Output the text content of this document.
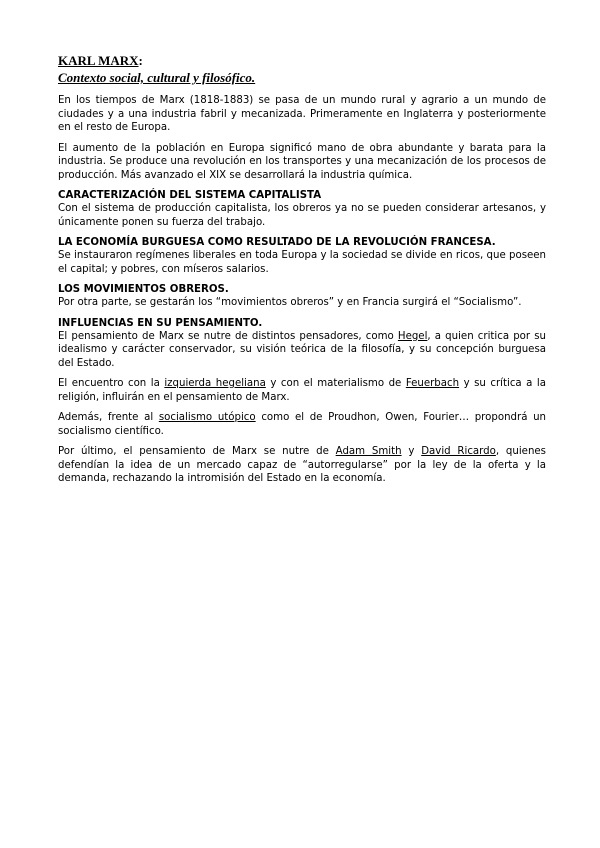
KARL MARX:
Contexto social, cultural y filosófico.

En los tiempos de Marx (1818-1883) se pasa de un mundo rural y agrario a un mundo de ciudades y a una industria fabril y mecanizada. Primeramente en Inglaterra y posteriormente en el resto de Europa.

El aumento de la población en Europa significó mano de obra abundante y barata para la industria. Se produce una revolución en los transportes y una mecanización de los procesos de producción. Más avanzado el XIX se desarrollará la industria química.

CARACTERIZACIÓN DEL SISTEMA CAPITALISTA

Con el sistema de producción capitalista, los obreros ya no se pueden considerar artesanos, y únicamente ponen su fuerza del trabajo.

LA ECONOMÍA BURGUESA COMO RESULTADO DE LA REVOLUCIÓN FRANCESA.

Se instauraron regímenes liberales en toda Europa y la sociedad se divide en ricos, que poseen el capital; y pobres, con míseros salarios.

LOS MOVIMIENTOS OBREROS.

Por otra parte, se gestarán los “movimientos obreros” y en Francia surgirá el “Socialismo”.

INFLUENCIAS EN SU PENSAMIENTO.

El pensamiento de Marx se nutre de distintos pensadores, como Hegel, a quien critica por su idealismo y carácter conservador, su visión teórica de la filosofía, y su concepción burguesa del Estado.

El encuentro con la izquierda hegeliana y con el materialismo de Feuerbach y su crítica a la religión, influirán en el pensamiento de Marx.

Además, frente al socialismo utópico como el de Proudhon, Owen, Fourier… propondrá un socialismo científico.

Por último, el pensamiento de Marx se nutre de Adam Smith y David Ricardo, quienes defendían la idea de un mercado capaz de “autorregularse” por la ley de la oferta y la demanda, rechazando la intromisión del Estado en la economía.
